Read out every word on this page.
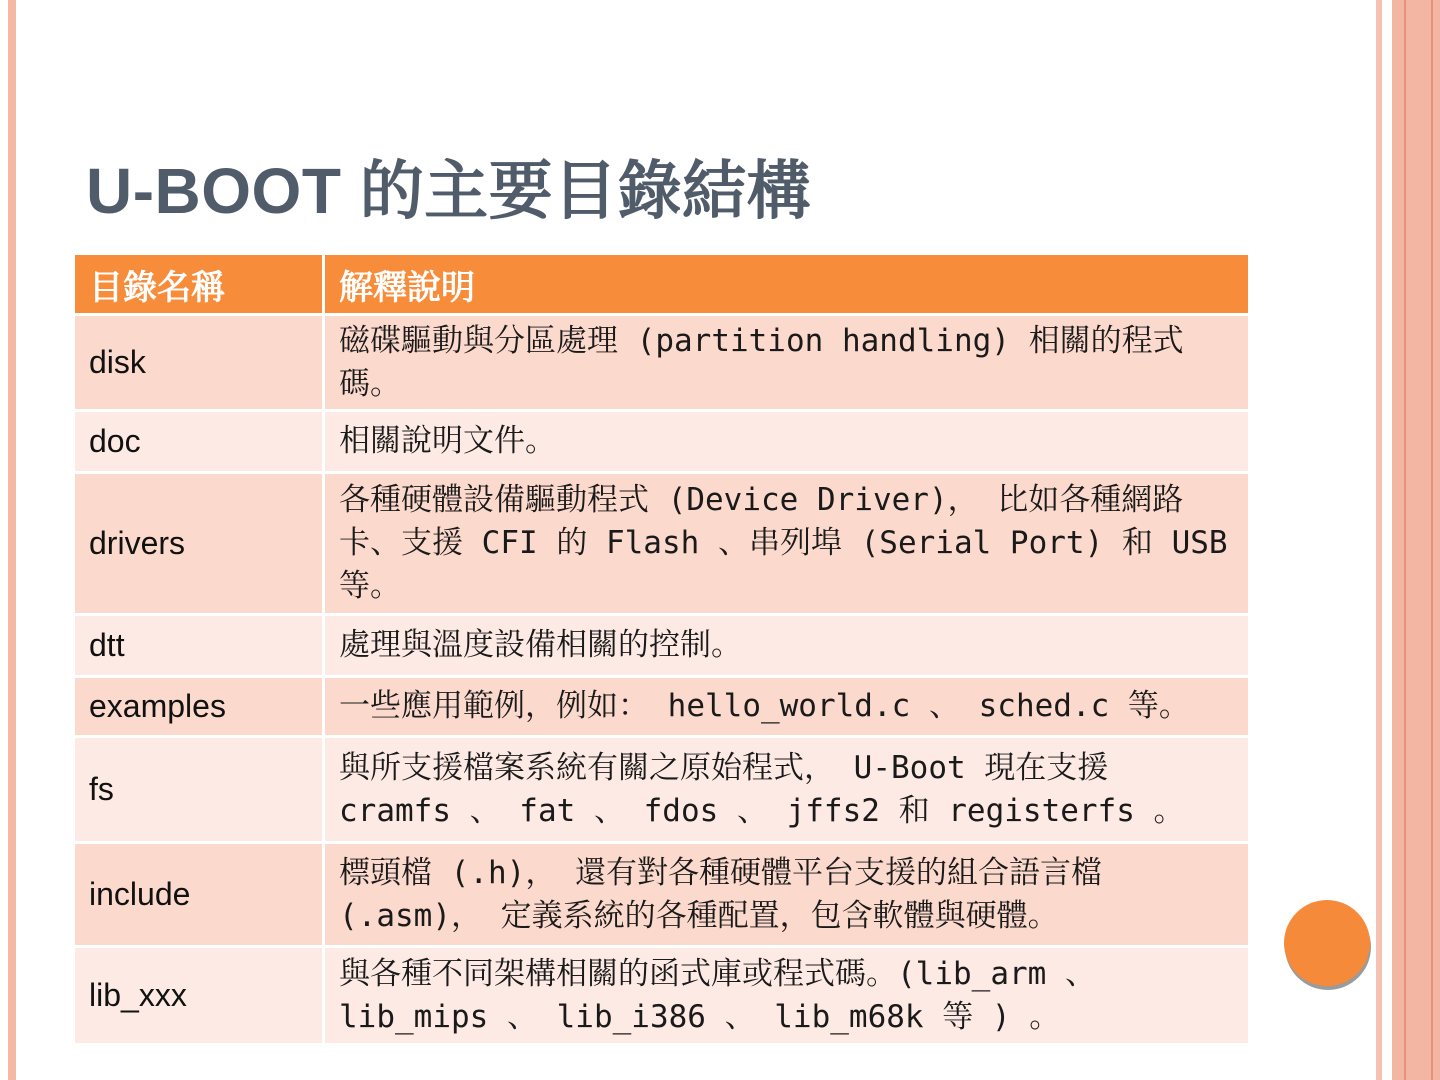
U-BOOT 的主要目錄結構
目錄名稱	解釋說明
disk	磁碟驅動與分區處理 (partition handling) 相關的程式碼。
doc	相關說明文件。
drivers	各種硬體設備驅動程式 (Device Driver)， 比如各種網路卡、支援 CFI 的 Flash 、串列埠 (Serial Port) 和 USB 等。
dtt	處理與溫度設備相關的控制。
examples	一些應用範例，例如： hello_world.c 、 sched.c 等。
fs	與所支援檔案系統有關之原始程式， U-Boot 現在支援 cramfs 、 fat 、 fdos 、 jffs2 和 registerfs 。
include	標頭檔 (.h)， 還有對各種硬體平台支援的組合語言檔 (.asm)， 定義系統的各種配置，包含軟體與硬體。
lib_xxx	與各種不同架構相關的函式庫或程式碼。(lib_arm 、 lib_mips 、 lib_i386 、 lib_m68k 等 ) 。
